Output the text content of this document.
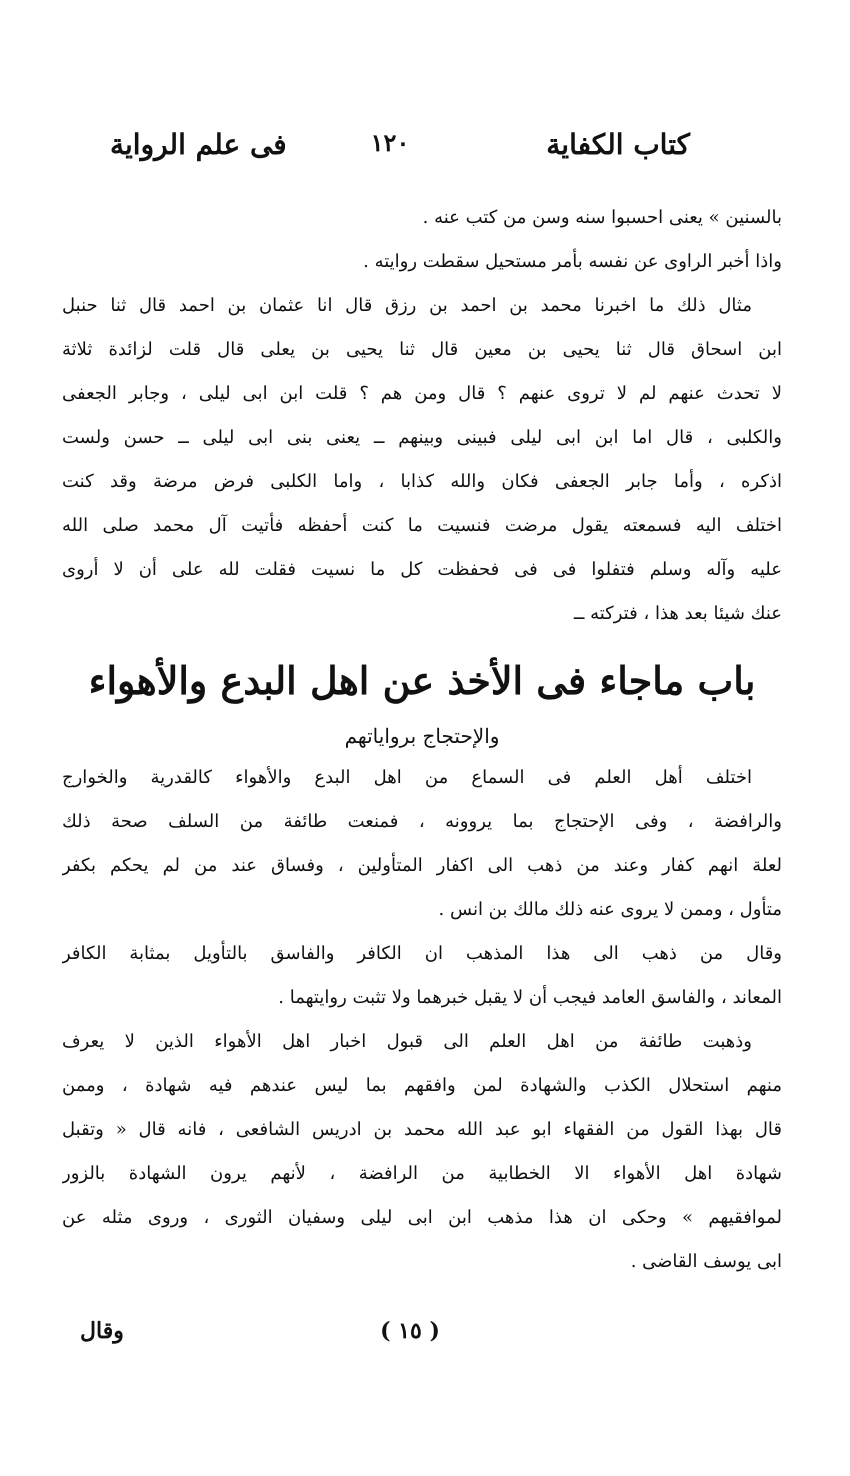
كتاب الكفاية
١٢٠
فى علم الرواية
بالسنين » يعنى احسبوا سنه وسن من كتب عنه .
واذا أخبر الراوى عن نفسه بأمر مستحيل سقطت روايته .
مثال ذلك ما اخبرنا محمد بن احمد بن رزق قال انا عثمان بن احمد قال ثنا حنبل
ابن اسحاق قال ثنا يحيى بن معين قال ثنا يحيى بن يعلى قال قلت لزائدة ثلاثة
لا تحدث عنهم لم لا تروى عنهم ؟ قال ومن هم ؟ قلت ابن ابى ليلى ، وجابر الجعفى
والكلبى ، قال اما ابن ابى ليلى فبينى وبينهم ــ يعنى بنى ابى ليلى ــ حسن ولست
اذكره ، وأما جابر الجعفى فكان والله كذابا ، واما الكلبى فرض مرضة وقد كنت
اختلف اليه فسمعته يقول مرضت فنسيت ما كنت أحفظه فأتيت آل محمد صلى الله
عليه وآله وسلم فتفلوا فى فى فحفظت كل ما نسيت فقلت لله على أن لا أروى
عنك شيئا بعد هذا ، فتركته ــ
باب ماجاء فى الأخذ عن اهل البدع والأهواء
والإحتجاج برواياتهم
اختلف أهل العلم فى السماع من اهل البدع والأهواء كالقدرية والخوارج
والرافضة ، وفى الإحتجاج بما يروونه ، فمنعت طائفة من السلف صحة ذلك
لعلة انهم كفار وعند من ذهب الى اكفار المتأولين ، وفساق عند من لم يحكم بكفر
متأول ، وممن لا يروى عنه ذلك مالك بن انس .
وقال من ذهب الى هذا المذهب ان الكافر والفاسق بالتأويل بمثابة الكافر
المعاند ، والفاسق العامد فيجب أن لا يقبل خبرهما ولا تثبت روايتهما .
وذهبت طائفة من اهل العلم الى قبول اخبار اهل الأهواء الذين لا يعرف
منهم استحلال الكذب والشهادة لمن وافقهم بما ليس عندهم فيه شهادة ، وممن
قال بهذا القول من الفقهاء ابو عبد الله محمد بن ادريس الشافعى ، فانه قال « وتقبل
شهادة اهل الأهواء الا الخطابية من الرافضة ، لأنهم يرون الشهادة بالزور
لموافقيهم » وحكى ان هذا مذهب ابن ابى ليلى وسفيان الثورى ، وروى مثله عن
ابى يوسف القاضى .
( ١٥ )
وقال
